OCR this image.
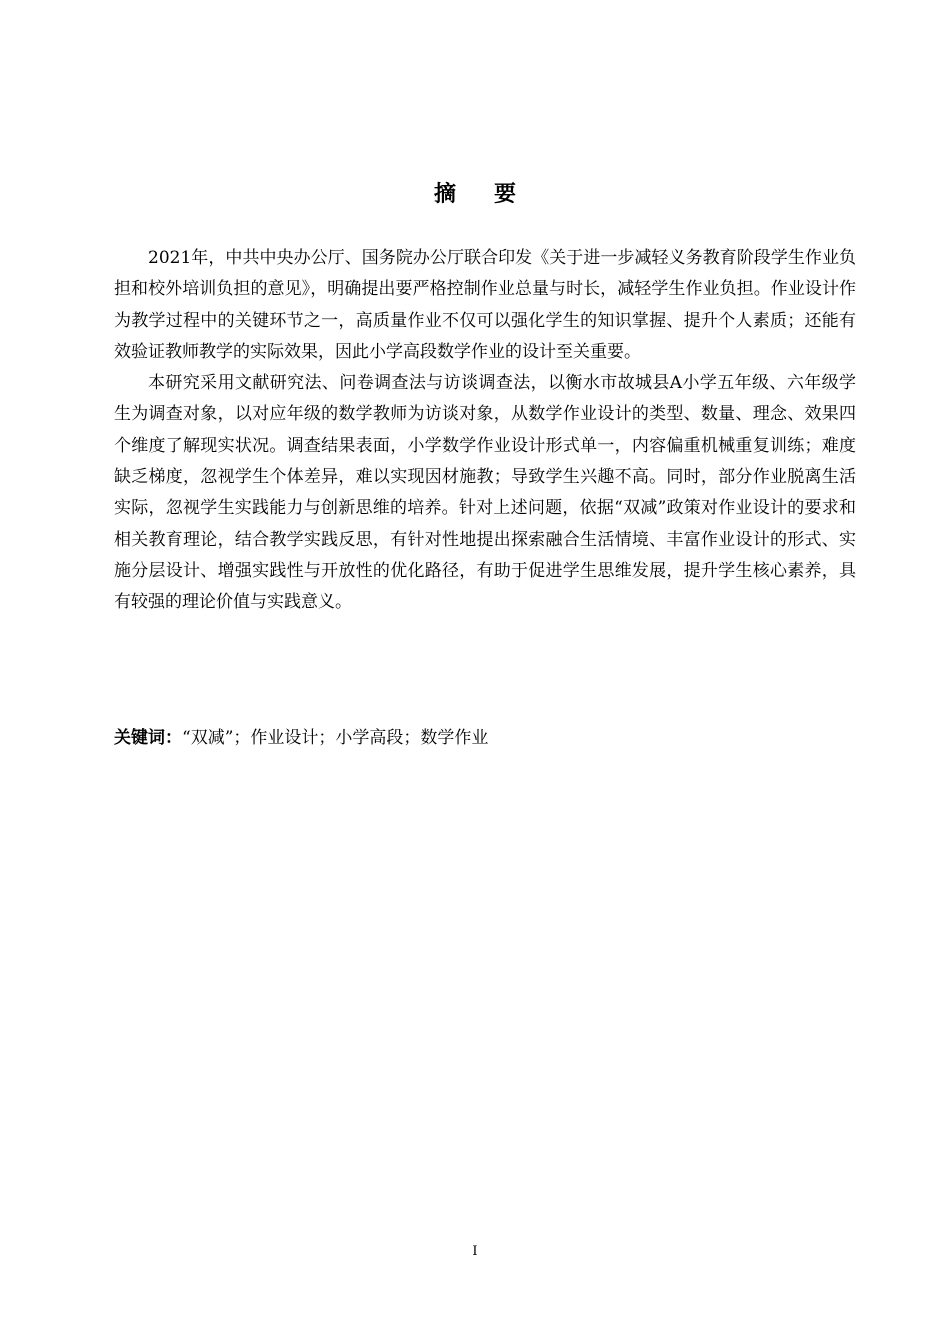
摘要

2021年，中共中央办公厅、国务院办公厅联合印发《关于进一步减轻义务教育阶段学生作业负担和校外培训负担的意见》，明确提出要严格控制作业总量与时长，减轻学生作业负担。作业设计作为教学过程中的关键环节之一，高质量作业不仅可以强化学生的知识掌握、提升个人素质；还能有效验证教师教学的实际效果，因此小学高段数学作业的设计至关重要。

本研究采用文献研究法、问卷调查法与访谈调查法，以衡水市故城县A小学五年级、六年级学生为调查对象，以对应年级的数学教师为访谈对象，从数学作业设计的类型、数量、理念、效果四个维度了解现实状况。调查结果表面，小学数学作业设计形式单一，内容偏重机械重复训练；难度缺乏梯度，忽视学生个体差异，难以实现因材施教；导致学生兴趣不高。同时，部分作业脱离生活实际，忽视学生实践能力与创新思维的培养。针对上述问题，依据“双减”政策对作业设计的要求和相关教育理论，结合教学实践反思，有针对性地提出探索融合生活情境、丰富作业设计的形式、实施分层设计、增强实践性与开放性的优化路径，有助于促进学生思维发展，提升学生核心素养，具有较强的理论价值与实践意义。

关键词：“双减”；作业设计；小学高段；数学作业
I
